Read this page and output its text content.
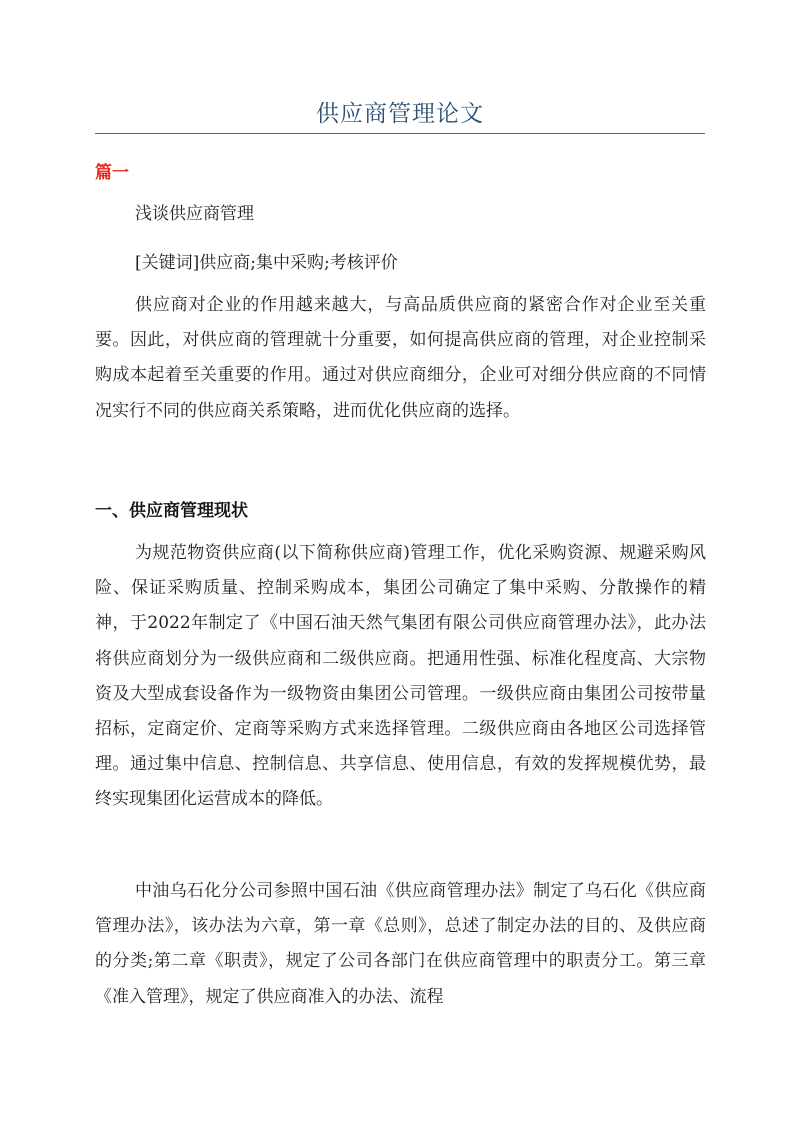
供应商管理论文
篇一
浅谈供应商管理
[关键词]供应商;集中采购;考核评价

供应商对企业的作用越来越大，与高品质供应商的紧密合作对企业至关重要。因此，对供应商的管理就十分重要，如何提高供应商的管理，对企业控制采购成本起着至关重要的作用。通过对供应商细分，企业可对细分供应商的不同情况实行不同的供应商关系策略，进而优化供应商的选择。

一、供应商管理现状

为规范物资供应商(以下简称供应商)管理工作，优化采购资源、规避采购风险、保证采购质量、控制采购成本，集团公司确定了集中采购、分散操作的精神，于2022年制定了《中国石油天然气集团有限公司供应商管理办法》，此办法将供应商划分为一级供应商和二级供应商。把通用性强、标准化程度高、大宗物资及大型成套设备作为一级物资由集团公司管理。一级供应商由集团公司按带量招标，定商定价、定商等采购方式来选择管理。二级供应商由各地区公司选择管理。通过集中信息、控制信息、共享信息、使用信息，有效的发挥规模优势，最终实现集团化运营成本的降低。

中油乌石化分公司参照中国石油《供应商管理办法》制定了乌石化《供应商管理办法》，该办法为六章，第一章《总则》，总述了制定办法的目的、及供应商的分类;第二章《职责》，规定了公司各部门在供应商管理中的职责分工。第三章《准入管理》，规定了供应商准入的办法、流程
